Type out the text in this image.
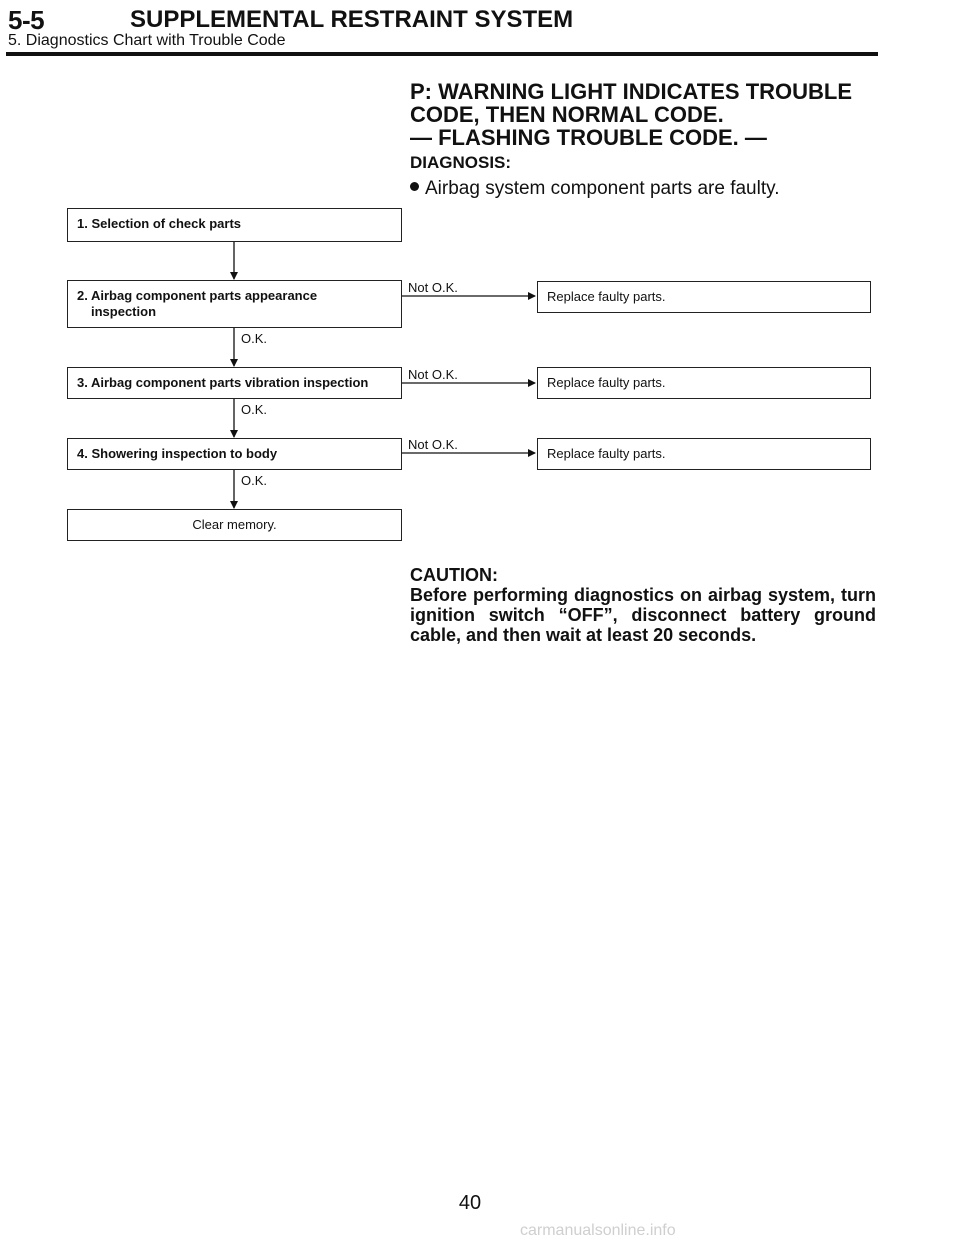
5-5	SUPPLEMENTAL RESTRAINT SYSTEM
5. Diagnostics Chart with Trouble Code
P: WARNING LIGHT INDICATES TROUBLE
CODE, THEN NORMAL CODE.
— FLASHING TROUBLE CODE. —
DIAGNOSIS:
Airbag system component parts are faulty.
1. Selection of check parts
2. Airbag component parts appearance
inspection
3. Airbag component parts vibration inspection
4. Showering inspection to body
Clear memory.
Replace faulty parts.
Replace faulty parts.
Replace faulty parts.
Not O.K.
Not O.K.
Not O.K.
O.K.
O.K.
O.K.
CAUTION:
Before performing diagnostics on airbag system, turn ignition switch “OFF”, disconnect battery ground cable, and then wait at least 20 seconds.
40
carmanualsonline.info
